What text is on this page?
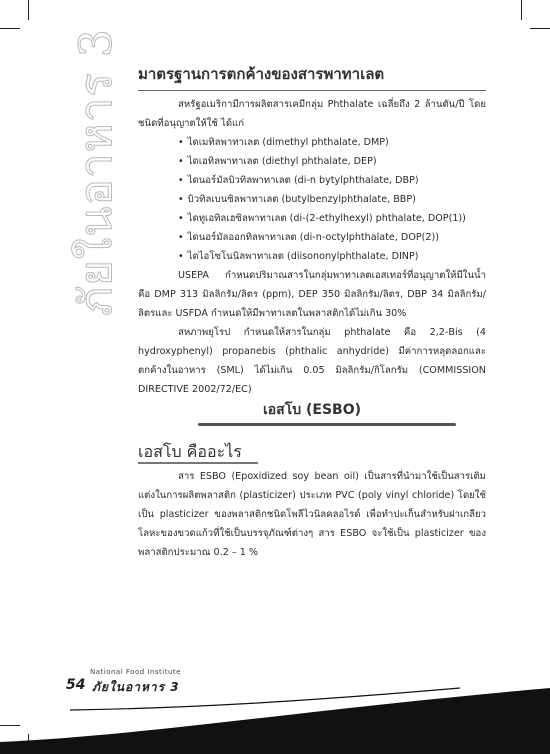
ภัยในอาหาร 3	มาตรฐานการตกค้างของสารพาทาเลต

สหรัฐอเมริกามีการผลิตสารเคมีกลุ่ม Phthalate เฉลี่ยถึง 2 ล้านตัน/ปี โดยชนิดที่อนุญาตให้ใช้ ได้แก่

• ไดเมทิลพาทาเลต (dimethyl phthalate, DMP)
• ไดเอทิลพาทาเลต (diethyl phthalate, DEP)
• ไดนอร์มัลบิวทิลพาทาเลต (di-n bytylphthalate, DBP)
• บิวทิลเบนซิลพาทาเลต (butylbenzylphthalate, BBP)
• ไดทูเอทิลเฮซิลพาทาเลต (di-(2-ethylhexyl) phthalate, DOP(1))
• ไดนอร์มัลออกทิลพาทาเลต (di-n-octylphthalate, DOP(2))
• ไดไอโซโนนิลพาทาเลต (diisononylphthalate, DINP)

USEPA กำหนดปริมาณสารในกลุ่มพาทาเลตเอสเทอร์ที่อนุญาตให้มีในน้ำ คือ DMP 313 มิลลิกรัม/ลิตร (ppm), DEP 350 มิลลิกรัม/ลิตร, DBP 34 มิลลิกรัม/ลิตรและ USFDA กำหนดให้มีพาทาเลตในพลาสติกได้ไม่เกิน 30%

สหภาพยุโรป กำหนดให้สารในกลุ่ม phthalate คือ 2,2-Bis (4 hydroxyphenyl) propanebis (phthalic anhydride) มีค่าการหลุดลอกและตกค้างในอาหาร (SML) ได้ไม่เกิน 0.05 มิลลิกรัม/กิโลกรัม (COMMISSION DIRECTIVE 2002/72/EC)

เอสโบ (ESBO)
เอสโบ คืออะไร

สาร ESBO (Epoxidized soy bean oil) เป็นสารที่นำมาใช้เป็นสารเติมแต่งในการผลิตพลาสติก (plasticizer) ประเภท PVC (poly vinyl chloride) โดยใช้เป็น plasticizer ของพลาสติกชนิดโพลีไวนิลคลอไรด์ เพื่อทำปะเก็นสำหรับฝาเกลียวโลหะของขวดแก้วที่ใช้เป็นบรรจุภัณฑ์ต่างๆ สาร ESBO จะใช้เป็น plasticizer ของพลาสติกประมาณ 0.2 – 1 %

54
National Food Institute
ภัยในอาหาร 3
